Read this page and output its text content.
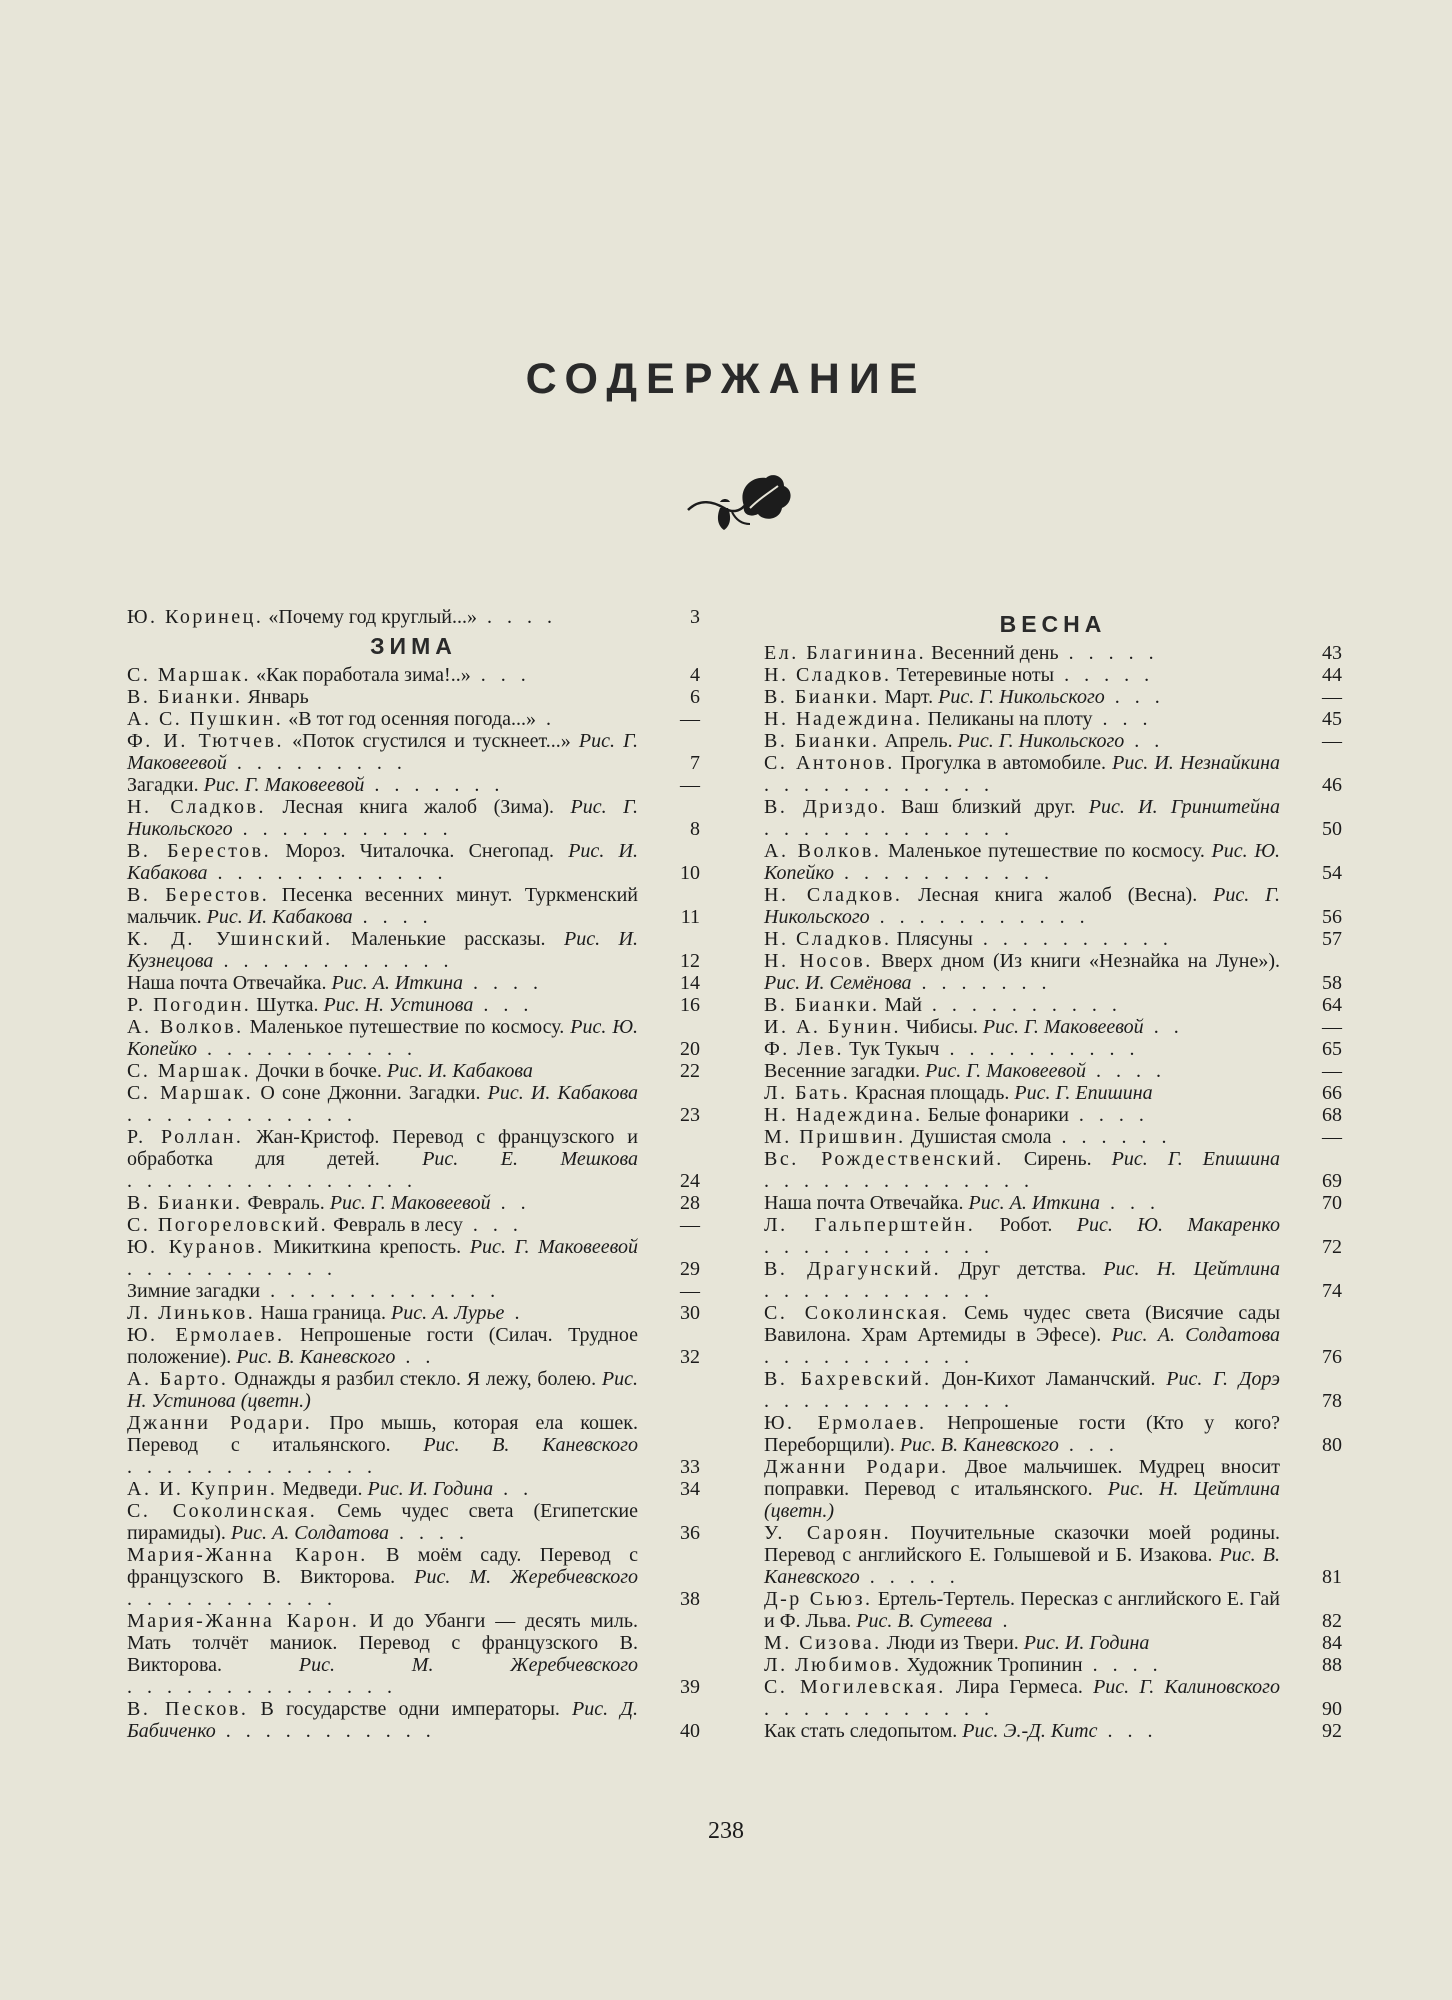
СОДЕРЖАНИЕ
Ю. Коринец. «Почему год круглый...» . . . .	3
ЗИМА
С. Маршак. «Как поработала зима!..» . . .	4
В. Бианки. Январь	6
А. С. Пушкин. «В тот год осенняя погода...» .	—
Ф. И. Тютчев. «Поток сгустился и тускнеет...» Рис. Г. Маковеевой . . . . . . . . .	7
Загадки. Рис. Г. Маковеевой . . . . . . .	—
Н. Сладков. Лесная книга жалоб (Зима). Рис. Г. Никольского . . . . . . . . . . .	8
В. Берестов. Мороз. Читалочка. Снегопад. Рис. И. Кабакова . . . . . . . . . . . .	10
В. Берестов. Песенка весенних минут. Туркменский мальчик. Рис. И. Кабакова . . . .	11
К. Д. Ушинский. Маленькие рассказы. Рис. И. Кузнецова . . . . . . . . . . . .	12
Наша почта Отвечайка. Рис. А. Иткина . . . .	14
Р. Погодин. Шутка. Рис. Н. Устинова . . .	16
А. Волков. Маленькое путешествие по космосу. Рис. Ю. Копейко . . . . . . . . . . .	20
С. Маршак. Дочки в бочке. Рис. И. Кабакова	22
С. Маршак. О соне Джонни. Загадки. Рис. И. Кабакова . . . . . . . . . . . .	23
Р. Роллан. Жан-Кристоф. Перевод с французского и обработка для детей. Рис. Е. Мешкова . . . . . . . . . . . . . . .	24
В. Бианки. Февраль. Рис. Г. Маковеевой . .	28
С. Погореловский. Февраль в лесу . . .	—
Ю. Куранов. Микиткина крепость. Рис. Г. Маковеевой . . . . . . . . . . .	29
Зимние загадки . . . . . . . . . . . .	—
Л. Линьков. Наша граница. Рис. А. Лурье .	30
Ю. Ермолаев. Непрошеные гости (Силач. Трудное положение). Рис. В. Каневского . .	32
А. Барто. Однажды я разбил стекло. Я лежу, болею. Рис. Н. Устинова (цветн.)
Джанни Родари. Про мышь, которая ела кошек. Перевод с итальянского. Рис. В. Каневского . . . . . . . . . . . . .	33
А. И. Куприн. Медведи. Рис. И. Година . .	34
С. Соколинская. Семь чудес света (Египетские пирамиды). Рис. А. Солдатова . . . .	36
Мария-Жанна Карон. В моём саду. Перевод с французского В. Викторова. Рис. М. Жеребчевского . . . . . . . . . . .	38
Мария-Жанна Карон. И до Убанги — десять миль. Мать толчёт маниок. Перевод с французского В. Викторова. Рис. М. Жеребчевского . . . . . . . . . . . . . .	39
В. Песков. В государстве одни императоры. Рис. Д. Бабиченко . . . . . . . . . . .	40
ВЕСНА
Ел. Благинина. Весенний день . . . . .	43
Н. Сладков. Тетеревиные ноты . . . . .	44
В. Бианки. Март. Рис. Г. Никольского . . .	—
Н. Надеждина. Пеликаны на плоту . . .	45
В. Бианки. Апрель. Рис. Г. Никольского . .	—
С. Антонов. Прогулка в автомобиле. Рис. И. Незнайкина . . . . . . . . . . . .	46
В. Дриздо. Ваш близкий друг. Рис. И. Гринштейна . . . . . . . . . . . . .	50
А. Волков. Маленькое путешествие по космосу. Рис. Ю. Копейко . . . . . . . . . . .	54
Н. Сладков. Лесная книга жалоб (Весна). Рис. Г. Никольского . . . . . . . . . . .	56
Н. Сладков. Плясуны . . . . . . . . . .	57
Н. Носов. Вверх дном (Из книги «Незнайка на Луне»). Рис. И. Семёнова . . . . . . .	58
В. Бианки. Май . . . . . . . . . .	64
И. А. Бунин. Чибисы. Рис. Г. Маковеевой . .	—
Ф. Лев. Тук Тукыч . . . . . . . . . .	65
Весенние загадки. Рис. Г. Маковеевой . . . .	—
Л. Бать. Красная площадь. Рис. Г. Епишина	66
Н. Надеждина. Белые фонарики . . . .	68
М. Пришвин. Душистая смола . . . . . .	—
Вс. Рождественский. Сирень. Рис. Г. Епишина . . . . . . . . . . . . . .	69
Наша почта Отвечайка. Рис. А. Иткина . . .	70
Л. Гальперштейн. Робот. Рис. Ю. Макаренко . . . . . . . . . . . .	72
В. Драгунский. Друг детства. Рис. Н. Цейтлина . . . . . . . . . . . .	74
С. Соколинская. Семь чудес света (Висячие сады Вавилона. Храм Артемиды в Эфесе). Рис. А. Солдатова . . . . . . . . . . .	76
В. Бахревский. Дон-Кихот Ламанчский. Рис. Г. Дорэ . . . . . . . . . . . . .	78
Ю. Ермолаев. Непрошеные гости (Кто у кого? Переборщили). Рис. В. Каневского . . .	80
Джанни Родари. Двое мальчишек. Мудрец вносит поправки. Перевод с итальянского. Рис. Н. Цейтлина (цветн.)
У. Сароян. Поучительные сказочки моей родины. Перевод с английского Е. Голышевой и Б. Изакова. Рис. В. Каневского . . . . .	81
Д-р Сьюз. Ертель-Тертель. Пересказ с английского Е. Гай и Ф. Льва. Рис. В. Сутеева .	82
М. Сизова. Люди из Твери. Рис. И. Година	84
Л. Любимов. Художник Тропинин . . . .	88
С. Могилевская. Лира Гермеса. Рис. Г. Калиновского . . . . . . . . . . . .	90
Как стать следопытом. Рис. Э.-Д. Китс . . .	92
238
